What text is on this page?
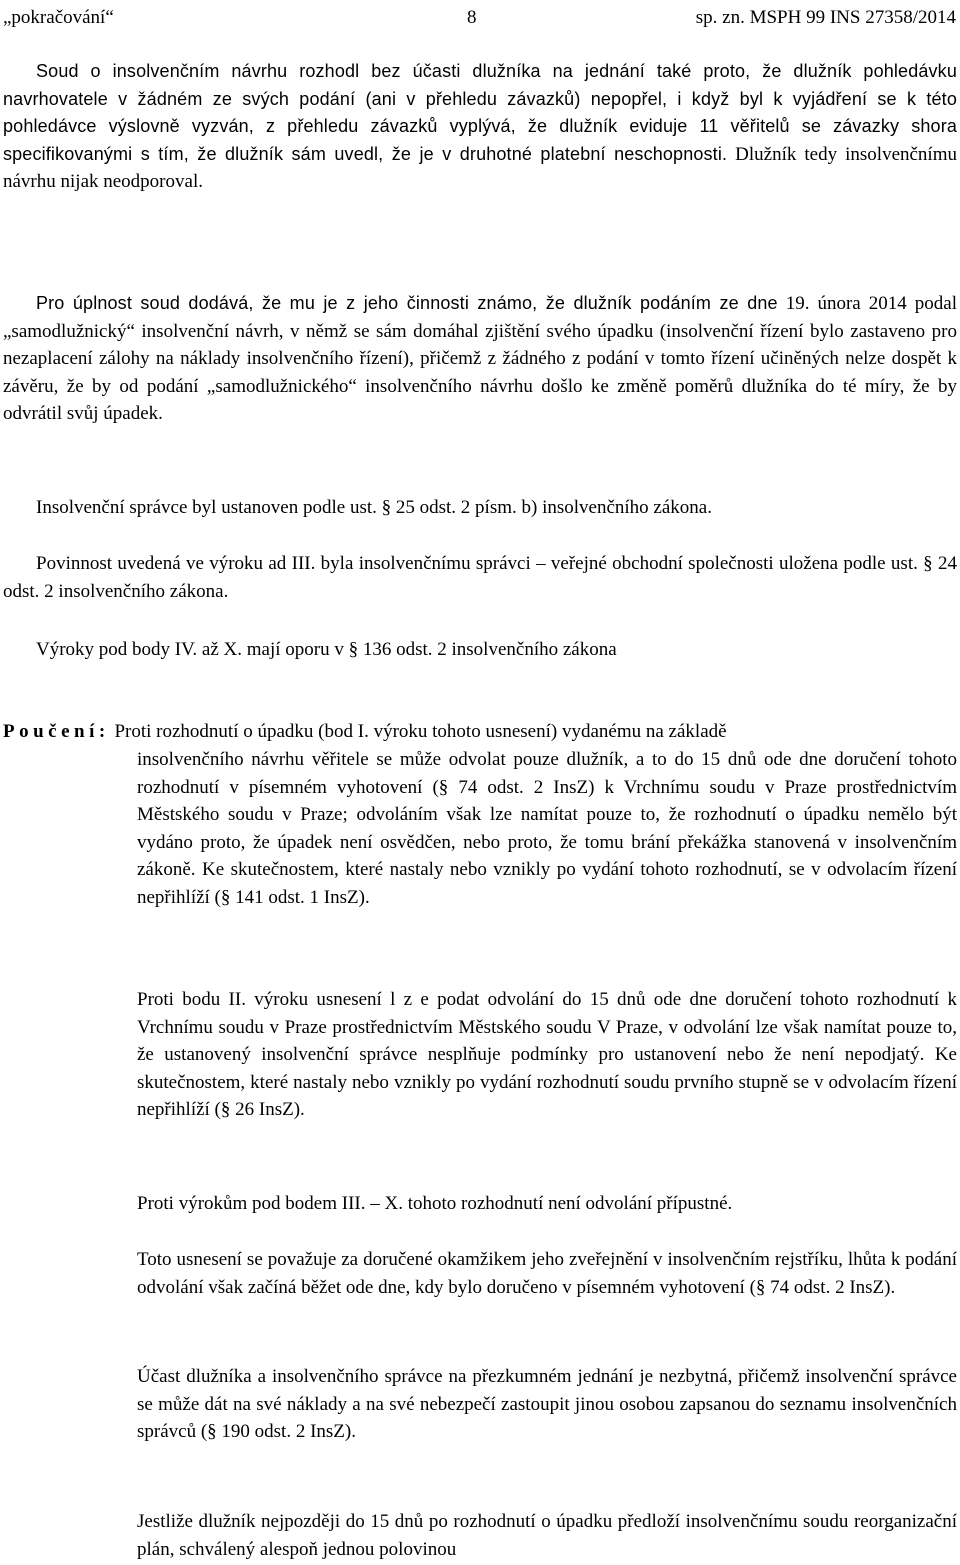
„pokračování“	8	sp. zn. MSPH 99 INS 27358/2014

Soud o insolvenčním návrhu rozhodl bez účasti dlužníka na jednání také proto, že dlužník pohledávku navrhovatele v žádném ze svých podání (ani v přehledu závazků) nepopřel, i když byl k vyjádření se k této pohledávce výslovně vyzván, z přehledu závazků vyplývá, že dlužník eviduje 11 věřitelů se závazky shora specifikovanými s tím, že dlužník sám uvedl, že je v druhotné platební neschopnosti. Dlužník tedy insolvenčnímu návrhu nijak neodporoval.

Pro úplnost soud dodává, že mu je z jeho činnosti známo, že dlužník podáním ze dne 19. února 2014 podal „samodlužnický“ insolvenční návrh, v němž se sám domáhal zjištění svého úpadku (insolvenční řízení bylo zastaveno pro nezaplacení zálohy na náklady insolvenčního řízení), přičemž z žádného z podání v tomto řízení učiněných nelze dospět k závěru, že by od podání „samodlužnického“ insolvenčního návrhu došlo ke změně poměrů dlužníka do té míry, že by odvrátil svůj úpadek.

Insolvenční správce byl ustanoven podle ust. § 25 odst. 2 písm. b) insolvenčního zákona.

Povinnost uvedená ve výroku ad III. byla insolvenčnímu správci – veřejné obchodní společnosti uložena podle ust. § 24 odst. 2 insolvenčního zákona.

Výroky pod body IV. až X. mají oporu v § 136 odst. 2 insolvenčního zákona

Poučení: Proti rozhodnutí o úpadku (bod I. výroku tohoto usnesení) vydanému na základě

insolvenčního návrhu věřitele se může odvolat pouze dlužník, a to do 15 dnů ode dne doručení tohoto rozhodnutí v písemném vyhotovení (§ 74 odst. 2 InsZ) k Vrchnímu soudu v Praze prostřednictvím Městského soudu v Praze; odvoláním však lze namítat pouze to, že rozhodnutí o úpadku nemělo být vydáno proto, že úpadek není osvědčen, nebo proto, že tomu brání překážka stanovená v insolvenčním zákoně. Ke skutečnostem, které nastaly nebo vznikly po vydání tohoto rozhodnutí, se v odvolacím řízení nepřihlíží (§ 141 odst. 1 InsZ).

Proti bodu II. výroku usnesení l z e podat odvolání do 15 dnů ode dne doručení tohoto rozhodnutí k Vrchnímu soudu v Praze prostřednictvím Městského soudu V Praze, v odvolání lze však namítat pouze to, že ustanovený insolvenční správce nesplňuje podmínky pro ustanovení nebo že není nepodjatý. Ke skutečnostem, které nastaly nebo vznikly po vydání rozhodnutí soudu prvního stupně se v odvolacím řízení nepřihlíží (§ 26 InsZ).

Proti výrokům pod bodem III. – X. tohoto rozhodnutí není odvolání přípustné.

Toto usnesení se považuje za doručené okamžikem jeho zveřejnění v insolvenčním rejstříku, lhůta k podání odvolání však začíná běžet ode dne, kdy bylo doručeno v písemném vyhotovení (§ 74 odst. 2 InsZ).

Účast dlužníka a insolvenčního správce na přezkumném jednání je nezbytná, přičemž insolvenční správce se může dát na své náklady a na své nebezpečí zastoupit jinou osobou zapsanou do seznamu insolvenčních správců (§ 190 odst. 2 InsZ).

Jestliže dlužník nejpozději do 15 dnů po rozhodnutí o úpadku předloží insolvenčnímu soudu reorganizační plán, schválený alespoň jednou polovinou
